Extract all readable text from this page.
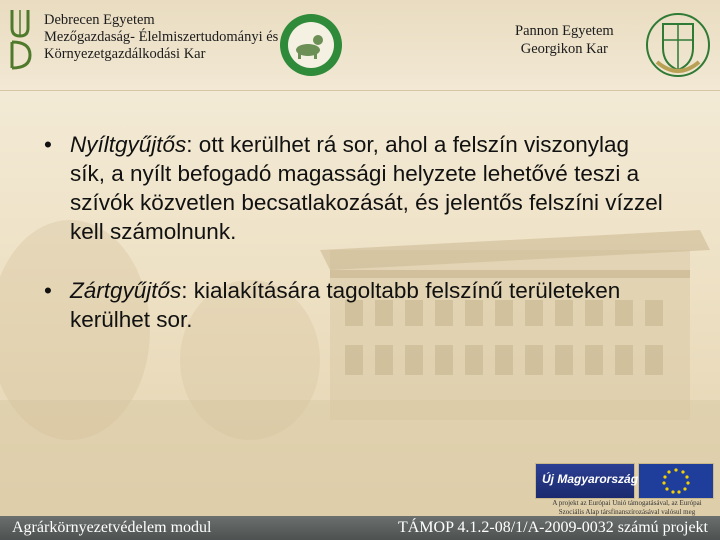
Debrecen Egyetem
Mezőgazdaság- Élelmiszertudományi és
Környezetgazdálkodási Kar
Pannon Egyetem
Georgikon Kar
• Nyíltgyűjtős: ott kerülhet rá sor, ahol a felszín viszonylag sík, a nyílt befogadó magassági helyzete lehetővé teszi a szívók közvetlen becsatlakozását, és jelentős felszíni vízzel kell számolnunk.
• Zártgyűjtős: kialakítására tagoltabb felszínű területeken kerülhet sor.
Új Magyarország
A projekt az Európai Unió támogatásával, az Európai
Szociális Alap társfinanszírozásával valósul meg
Agrárkörnyezetvédelem modul	TÁMOP 4.1.2-08/1/A-2009-0032 számú projekt
